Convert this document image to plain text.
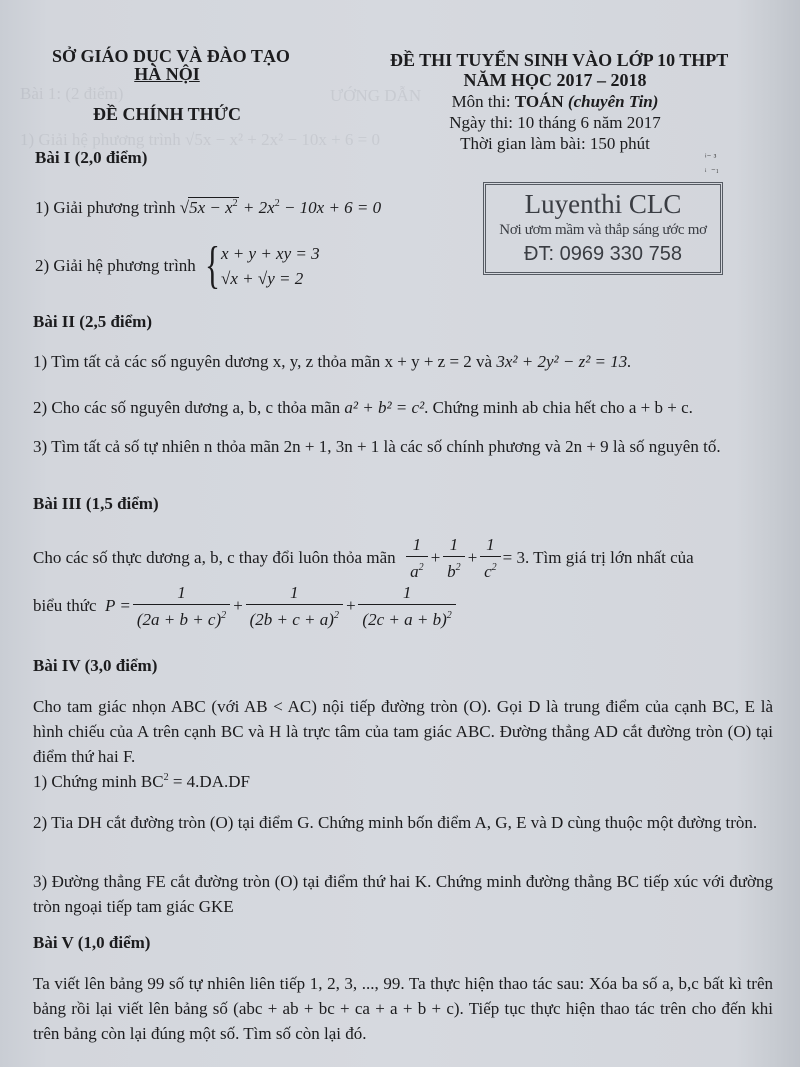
Bài 1: (2 điểm)
1) Giải hệ phương trình √5x − x² + 2x² − 10x + 6 = 0
ƯỚNG DẪN
SỞ GIÁO DỤC VÀ ĐÀO TẠO
HÀ NỘI
ĐỀ CHÍNH THỨC
ĐỀ THI TUYỂN SINH VÀO LỚP 10 THPT
NĂM HỌC 2017 – 2018
Môn thi: TOÁN (chuyên Tin)
Ngày thi: 10 tháng 6 năm 2017
Thời gian làm bài: 150 phút
ⁱ⁻ ³
ᵢ  ₋₁
Luyenthi CLC
Nơi ươm mầm và thắp sáng ước mơ
ĐT: 0969 330 758
Bài I (2,0 điểm)
1) Giải phương trình $√5x - x^2 + 2x^2 - 10x + 6 = 0$
2) Giải hệ phương trình
{ x + y + xy = 3
√x + √y = 2
Bài II (2,5 điểm)
1) Tìm tất cả các số nguyên dương x, y, z thỏa mãn x + y + z = 2 và 3x² + 2y² − z² = 13.
2) Cho các số nguyên dương a, b, c thỏa mãn a² + b² = c². Chứng minh ab chia hết cho a + b + c.
3) Tìm tất cả số tự nhiên n thỏa mãn 2n + 1, 3n + 1 là các số chính phương và 2n + 9 là số nguyên tố.
Bài III (1,5 điểm)
Cho các số thực dương a, b, c thay đổi luôn thỏa mãn
$\frac{1}{a^2} + \frac{1}{b^2} + \frac{1}{c^2} = 3$ . Tìm giá trị lớn nhất của
biểu thức
$P = \frac{1}{(2a + b + c)^2} + \frac{1}{(2b + c + a)^2} + \frac{1}{(2c + a + b)^2}$
Bài IV (3,0 điểm)
Cho tam giác nhọn ABC (với AB < AC) nội tiếp đường tròn (O). Gọi D là trung điểm của cạnh BC, E là hình chiếu của A trên cạnh BC và H là trực tâm của tam giác ABC. Đường thẳng AD cắt đường tròn (O) tại điểm thứ hai F.
1) Chứng minh $BC^2 = 4.DA.DF$
2) Tia DH cắt đường tròn (O) tại điểm G. Chứng minh bốn điểm A, G, E và D cùng thuộc một đường tròn.
3) Đường thẳng FE cắt đường tròn (O) tại điểm thứ hai K. Chứng minh đường thẳng BC tiếp xúc với đường tròn ngoại tiếp tam giác GKE
Bài V (1,0 điểm)
Ta viết lên bảng 99 số tự nhiên liên tiếp 1, 2, 3, ..., 99. Ta thực hiện thao tác sau: Xóa ba số a, b,c bất kì trên bảng rồi lại viết lên bảng số (abc + ab + bc + ca + a + b + c). Tiếp tục thực hiện thao tác trên cho đến khi trên bảng còn lại đúng một số. Tìm số còn lại đó.
